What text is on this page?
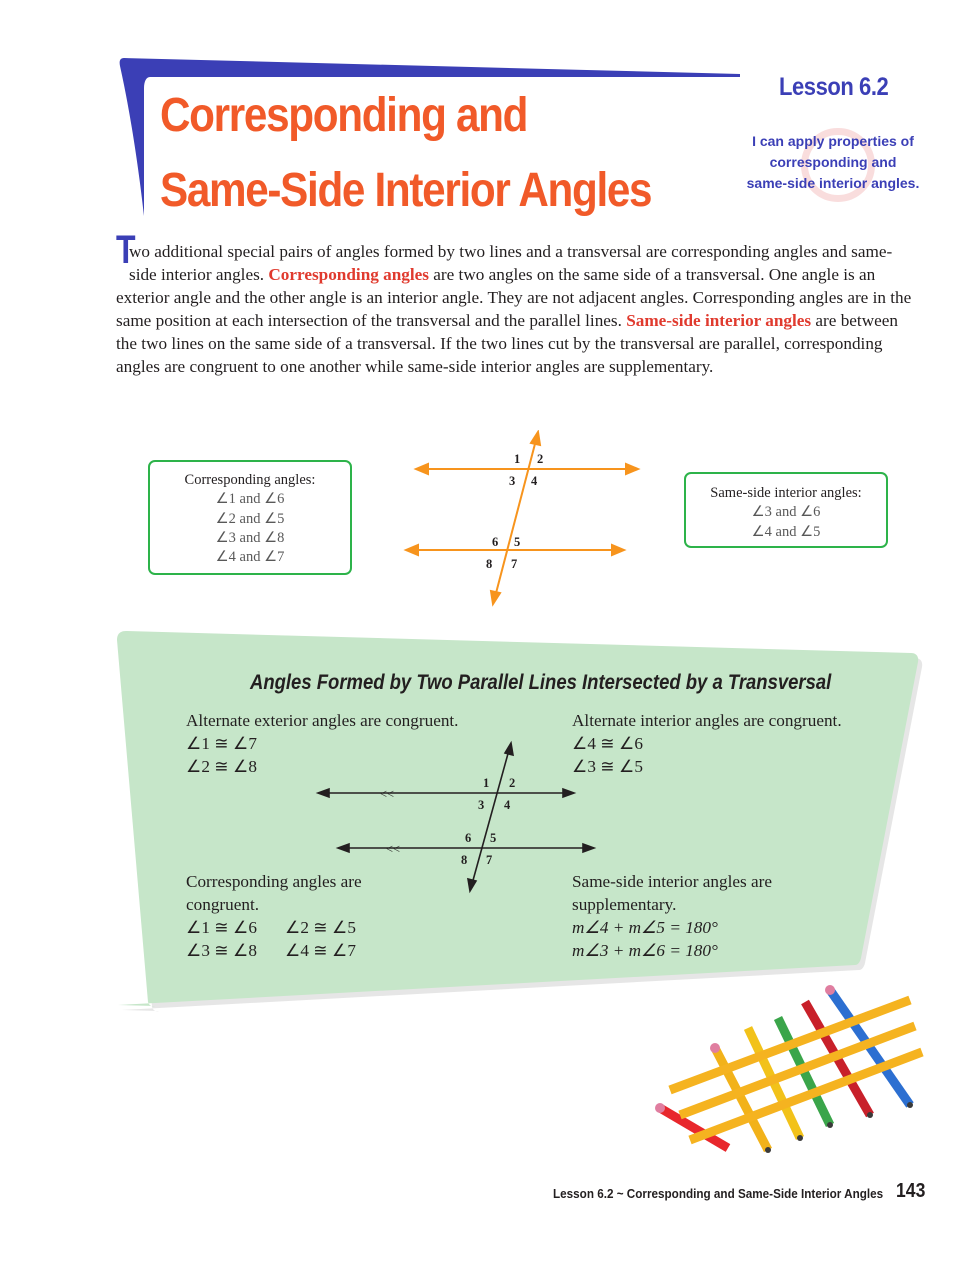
Corresponding and
Same-Side Interior Angles
Lesson 6.2
I can apply properties of
corresponding and
same-side interior angles.
T
wo additional special pairs of angles formed by two lines and a transversal are corresponding angles and same-side interior angles. Corresponding angles are two angles on the same side of a transversal. One angle is an exterior angle and the other angle is an interior angle. They are not adjacent angles. Corresponding angles are in the same position at each intersection of the transversal and the parallel lines. Same-side interior angles are between the two lines on the same side of a transversal. If the two lines cut by the transversal are parallel, corresponding angles are congruent to one another while same-side interior angles are supplementary.
Corresponding angles:
∠1 and ∠6
∠2 and ∠5
∠3 and ∠8
∠4 and ∠7
Same-side interior angles:
∠3 and ∠6
∠4 and ∠5
1 2
3 4
6 5
8 7
Angles Formed by Two Parallel Lines Intersected by a Transversal
Alternate exterior angles are congruent.
∠1 ≅ ∠7
∠2 ≅ ∠8
Alternate interior angles are congruent.
∠4 ≅ ∠6
∠3 ≅ ∠5
Corresponding angles are
congruent.
∠1 ≅ ∠6 ∠2 ≅ ∠5
∠3 ≅ ∠8 ∠4 ≅ ∠7
Same-side interior angles are
supplementary.
m∠4 + m∠5 = 180°
m∠3 + m∠6 = 180°
<<
<<
1 2
3 4
6 5
8 7
Lesson 6.2 ~ Corresponding and Same-Side Interior Angles 143
